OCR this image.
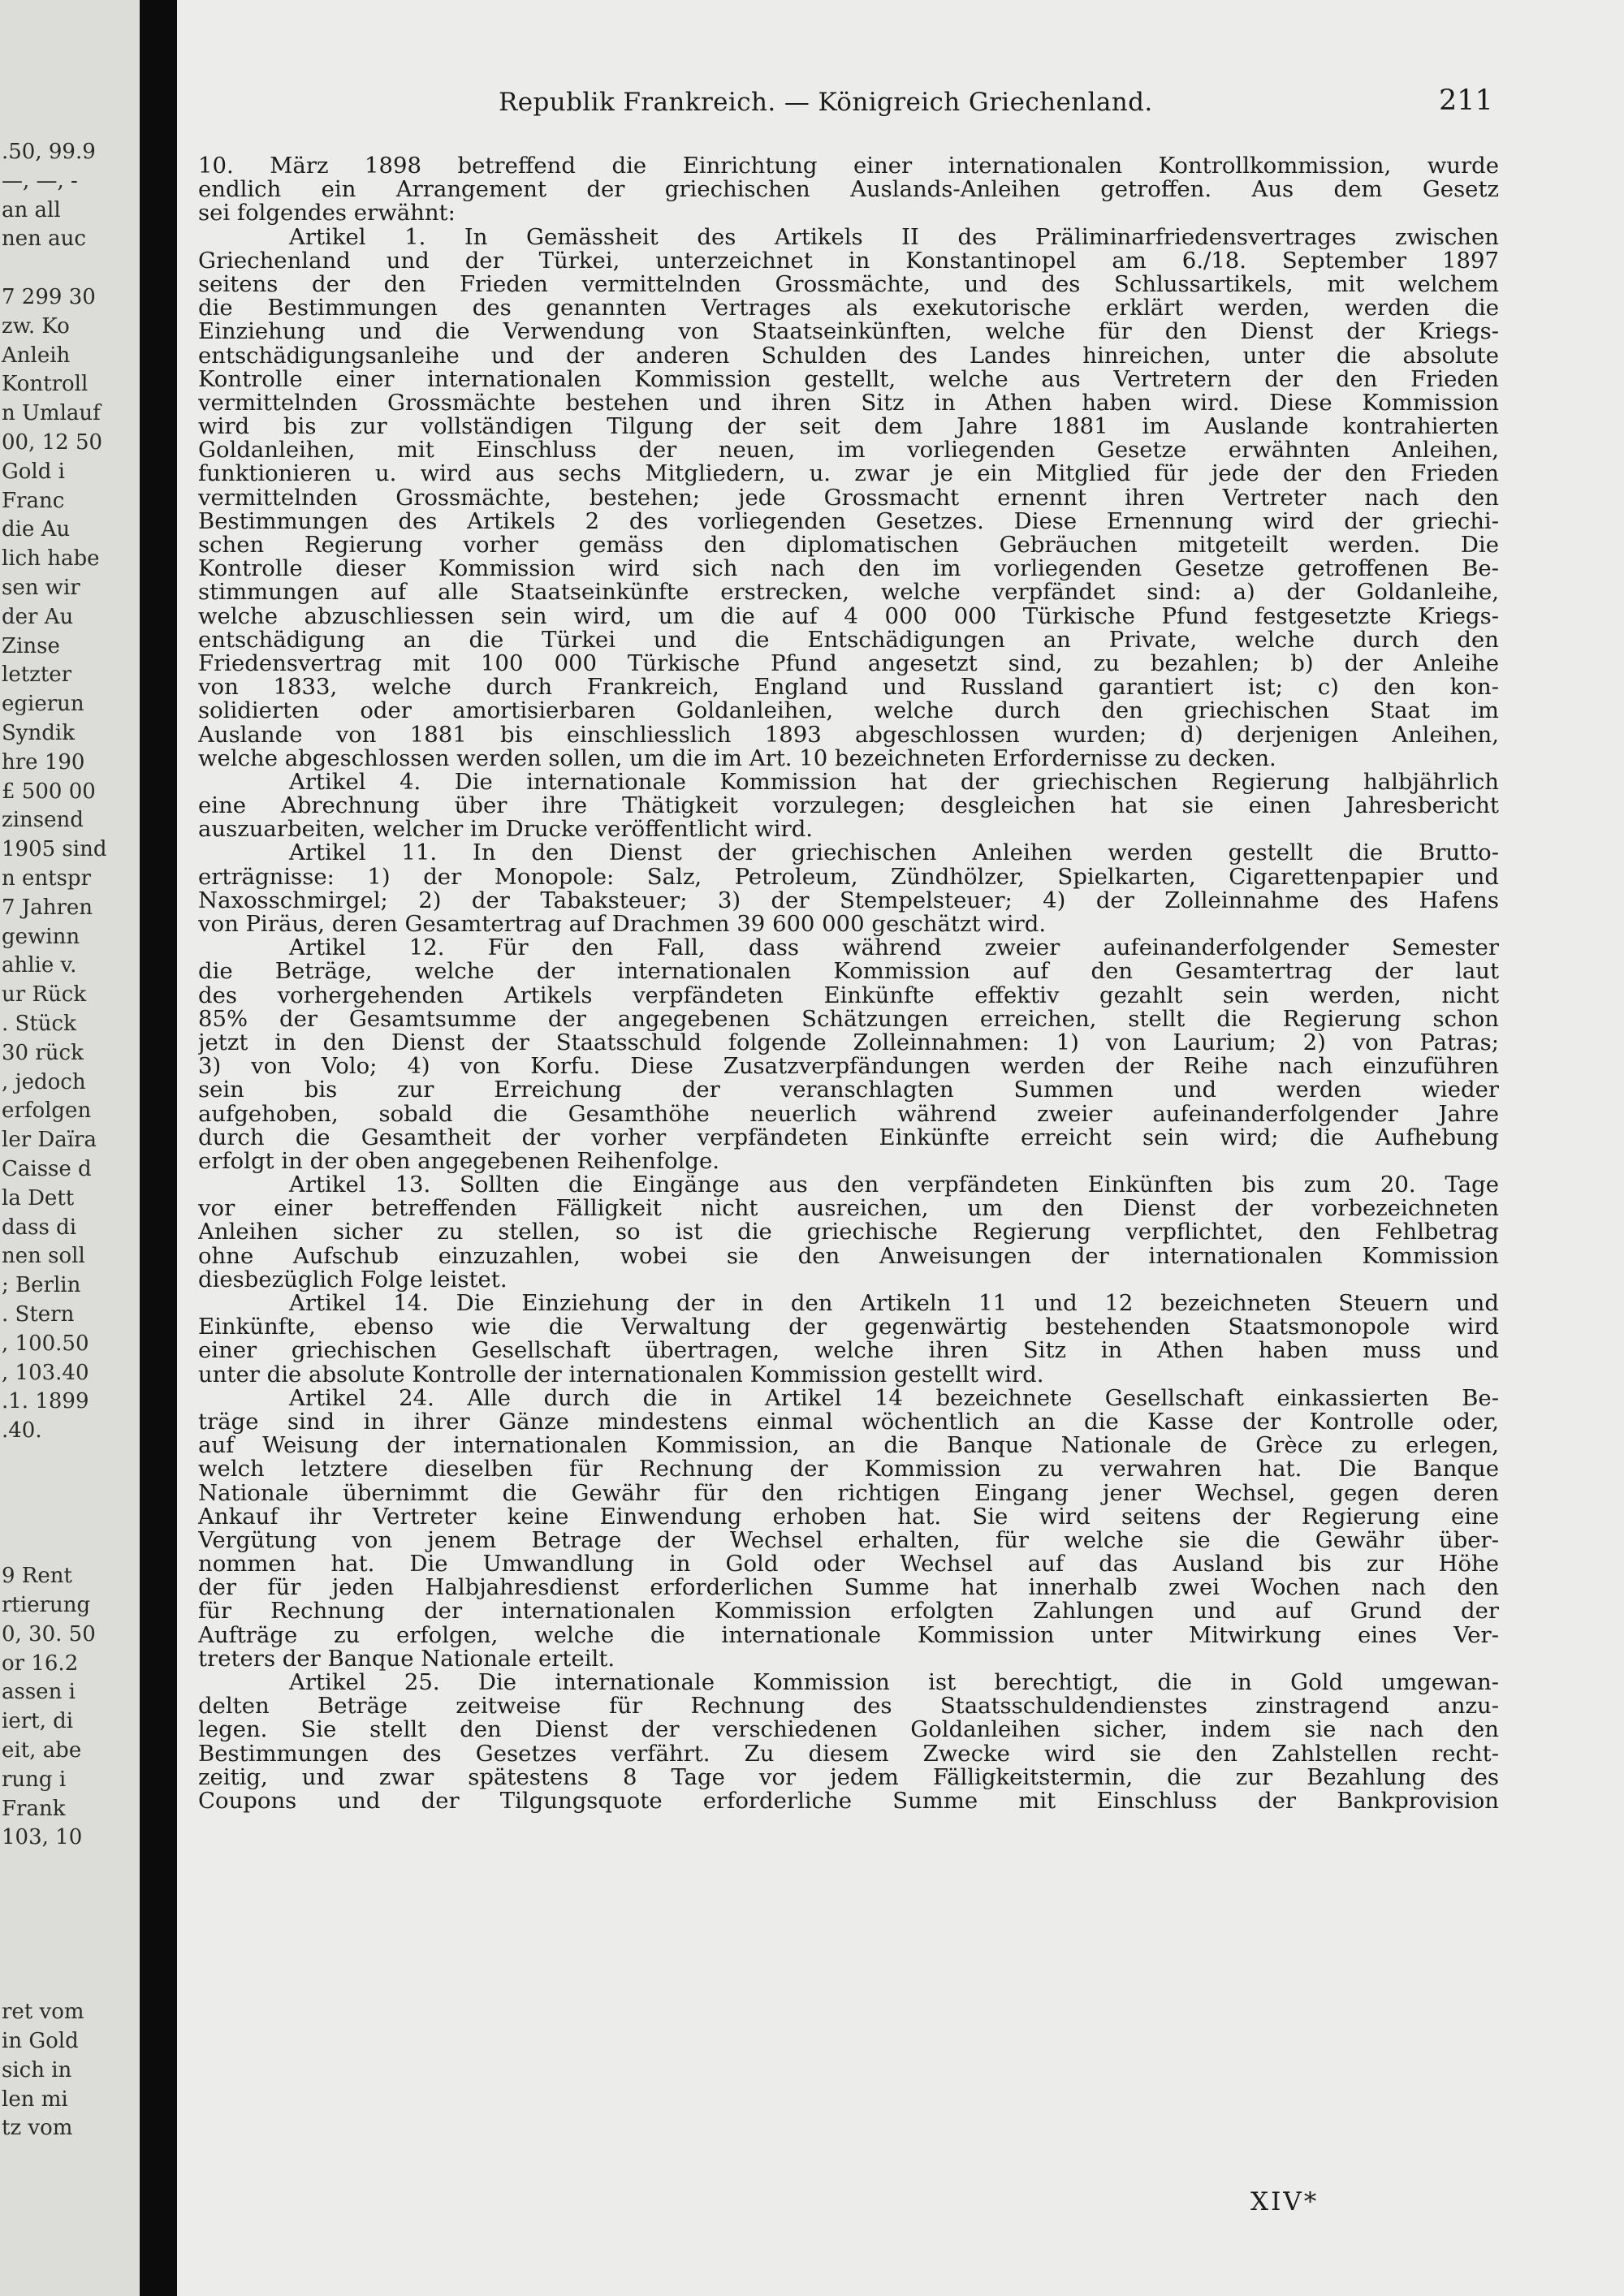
.50, 99.9
—, —, -
an all
nen auc
7 299 30
zw. Ko
Anleih
Kontroll
n Umlauf
00, 12 50
Gold i
Franc
die Au
lich habe
sen wir
der Au
Zinse
letzter
egierun
Syndik
hre 190
£ 500 00
zinsend
1905 sind
n entspr
7 Jahren
gewinn
ahlie v.
ur Rück
. Stück
30 rück
, jedoch
erfolgen
ler Daïra
Caisse d
la Dett
dass di
nen soll
; Berlin
. Stern
, 100.50
, 103.40
.1. 1899
.40.
9 Rent
rtierung
0, 30. 50
or 16.2
assen i
iert, di
eit, abe
rung i
Frank
103, 10
ret vom
in Gold
sich in
len mi
tz vom
Republik Frankreich. — Königreich Griechenland.	211
10. März 1898 betreffend die Einrichtung einer internationalen Kontrollkommission, wurde
endlich ein Arrangement der griechischen Auslands-Anleihen getroffen. Aus dem Gesetz
sei folgendes erwähnt:
Artikel 1. In Gemässheit des Artikels II des Präliminarfriedensvertrages zwischen
Griechenland und der Türkei, unterzeichnet in Konstantinopel am 6./18. September 1897
seitens der den Frieden vermittelnden Grossmächte, und des Schlussartikels, mit welchem
die Bestimmungen des genannten Vertrages als exekutorische erklärt werden, werden die
Einziehung und die Verwendung von Staatseinkünften, welche für den Dienst der Kriegs-
entschädigungsanleihe und der anderen Schulden des Landes hinreichen, unter die absolute
Kontrolle einer internationalen Kommission gestellt, welche aus Vertretern der den Frieden
vermittelnden Grossmächte bestehen und ihren Sitz in Athen haben wird. Diese Kommission
wird bis zur vollständigen Tilgung der seit dem Jahre 1881 im Auslande kontrahierten
Goldanleihen, mit Einschluss der neuen, im vorliegenden Gesetze erwähnten Anleihen,
funktionieren u. wird aus sechs Mitgliedern, u. zwar je ein Mitglied für jede der den Frieden
vermittelnden Grossmächte, bestehen; jede Grossmacht ernennt ihren Vertreter nach den
Bestimmungen des Artikels 2 des vorliegenden Gesetzes. Diese Ernennung wird der griechi-
schen Regierung vorher gemäss den diplomatischen Gebräuchen mitgeteilt werden. Die
Kontrolle dieser Kommission wird sich nach den im vorliegenden Gesetze getroffenen Be-
stimmungen auf alle Staatseinkünfte erstrecken, welche verpfändet sind: a) der Goldanleihe,
welche abzuschliessen sein wird, um die auf 4 000 000 Türkische Pfund festgesetzte Kriegs-
entschädigung an die Türkei und die Entschädigungen an Private, welche durch den
Friedensvertrag mit 100 000 Türkische Pfund angesetzt sind, zu bezahlen; b) der Anleihe
von 1833, welche durch Frankreich, England und Russland garantiert ist; c) den kon-
solidierten oder amortisierbaren Goldanleihen, welche durch den griechischen Staat im
Auslande von 1881 bis einschliesslich 1893 abgeschlossen wurden; d) derjenigen Anleihen,
welche abgeschlossen werden sollen, um die im Art. 10 bezeichneten Erfordernisse zu decken.
Artikel 4. Die internationale Kommission hat der griechischen Regierung halbjährlich
eine Abrechnung über ihre Thätigkeit vorzulegen; desgleichen hat sie einen Jahresbericht
auszuarbeiten, welcher im Drucke veröffentlicht wird.
Artikel 11. In den Dienst der griechischen Anleihen werden gestellt die Brutto-
erträgnisse: 1) der Monopole: Salz, Petroleum, Zündhölzer, Spielkarten, Cigarettenpapier und
Naxosschmirgel; 2) der Tabaksteuer; 3) der Stempelsteuer; 4) der Zolleinnahme des Hafens
von Piräus, deren Gesamtertrag auf Drachmen 39 600 000 geschätzt wird.
Artikel 12. Für den Fall, dass während zweier aufeinanderfolgender Semester
die Beträge, welche der internationalen Kommission auf den Gesamtertrag der laut
des vorhergehenden Artikels verpfändeten Einkünfte effektiv gezahlt sein werden, nicht
85% der Gesamtsumme der angegebenen Schätzungen erreichen, stellt die Regierung schon
jetzt in den Dienst der Staatsschuld folgende Zolleinnahmen: 1) von Laurium; 2) von Patras;
3) von Volo; 4) von Korfu. Diese Zusatzverpfändungen werden der Reihe nach einzuführen
sein bis zur Erreichung der veranschlagten Summen und werden wieder
aufgehoben, sobald die Gesamthöhe neuerlich während zweier aufeinanderfolgender Jahre
durch die Gesamtheit der vorher verpfändeten Einkünfte erreicht sein wird; die Aufhebung
erfolgt in der oben angegebenen Reihenfolge.
Artikel 13. Sollten die Eingänge aus den verpfändeten Einkünften bis zum 20. Tage
vor einer betreffenden Fälligkeit nicht ausreichen, um den Dienst der vorbezeichneten
Anleihen sicher zu stellen, so ist die griechische Regierung verpflichtet, den Fehlbetrag
ohne Aufschub einzuzahlen, wobei sie den Anweisungen der internationalen Kommission
diesbezüglich Folge leistet.
Artikel 14. Die Einziehung der in den Artikeln 11 und 12 bezeichneten Steuern und
Einkünfte, ebenso wie die Verwaltung der gegenwärtig bestehenden Staatsmonopole wird
einer griechischen Gesellschaft übertragen, welche ihren Sitz in Athen haben muss und
unter die absolute Kontrolle der internationalen Kommission gestellt wird.
Artikel 24. Alle durch die in Artikel 14 bezeichnete Gesellschaft einkassierten Be-
träge sind in ihrer Gänze mindestens einmal wöchentlich an die Kasse der Kontrolle oder,
auf Weisung der internationalen Kommission, an die Banque Nationale de Grèce zu erlegen,
welch letztere dieselben für Rechnung der Kommission zu verwahren hat. Die Banque
Nationale übernimmt die Gewähr für den richtigen Eingang jener Wechsel, gegen deren
Ankauf ihr Vertreter keine Einwendung erhoben hat. Sie wird seitens der Regierung eine
Vergütung von jenem Betrage der Wechsel erhalten, für welche sie die Gewähr über-
nommen hat. Die Umwandlung in Gold oder Wechsel auf das Ausland bis zur Höhe
der für jeden Halbjahresdienst erforderlichen Summe hat innerhalb zwei Wochen nach den
für Rechnung der internationalen Kommission erfolgten Zahlungen und auf Grund der
Aufträge zu erfolgen, welche die internationale Kommission unter Mitwirkung eines Ver-
treters der Banque Nationale erteilt.
Artikel 25. Die internationale Kommission ist berechtigt, die in Gold umgewan-
delten Beträge zeitweise für Rechnung des Staatsschuldendienstes zinstragend anzu-
legen. Sie stellt den Dienst der verschiedenen Goldanleihen sicher, indem sie nach den
Bestimmungen des Gesetzes verfährt. Zu diesem Zwecke wird sie den Zahlstellen recht-
zeitig, und zwar spätestens 8 Tage vor jedem Fälligkeitstermin, die zur Bezahlung des
Coupons und der Tilgungsquote erforderliche Summe mit Einschluss der Bankprovision
XIV*
